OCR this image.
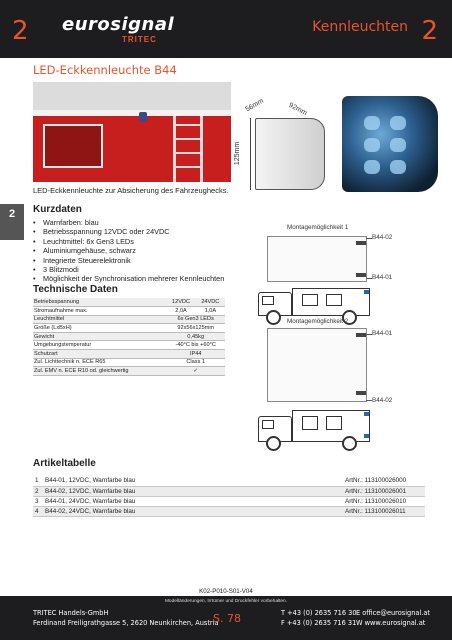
2 eurosignal
TRITEC
Kennleuchten 2
LED-Eckkennleuchte B44
56mm	92mm
125mm
LED-Eckkennleuchte zur Absicherung des Fahrzeughecks.
2	Kurzdaten
• Warnfarben: blau
• Betriebsspannung 12VDC oder 24VDC
• Leuchtmittel: 6x Gen3 LEDs
• Aluminiumgehäuse, schwarz
• Integrierte Steuerelektronik
• 3 Blitzmodi
• Möglichkeit der Synchronisation mehrerer Kennleuchten
Technische Daten
Betriebsspannung	12VDC	24VDC
Stromaufnahme max.	2,0A	1,0A
Leuchtmittel	6x Gen3 LEDs	
Größe (LxBxH)	92x56x125mm	
Gewicht	0,45kg	
Umgebungstemperatur	-40°C bis +60°C	
Schutzart	IP44	
Zul. Lichttechnik n. ECE R65	Class 1	
Zul. EMV n. ECE R10 od. gleichwertig	✓	
Montagemöglichkeit 1
B44-02
B44-01
Montagemöglichkeit 2
B44-01
B44-02
Artikeltabelle
1	B44-01, 12VDC, Warnfarbe blau	ArtNr.: 113100026000
2	B44-02, 12VDC, Warnfarbe blau	ArtNr.: 113100026001
3	B44-01, 24VDC, Warnfarbe blau	ArtNr.: 113100026010
4	B44-02, 24VDC, Warnfarbe blau	ArtNr.: 113100026011
K02-P010-S01-V04
Modelländerungen, Irrtümer und Druckfehler vorbehalten.
TRITEC Handels-GmbH
Ferdinand Freiligrathgasse 5, 2620 Neunkirchen, Austria
S. 78	T +43 (0) 2635 716 30
F +43 (0) 2635 716 31
E office@eurosignal.at
W www.eurosignal.at
